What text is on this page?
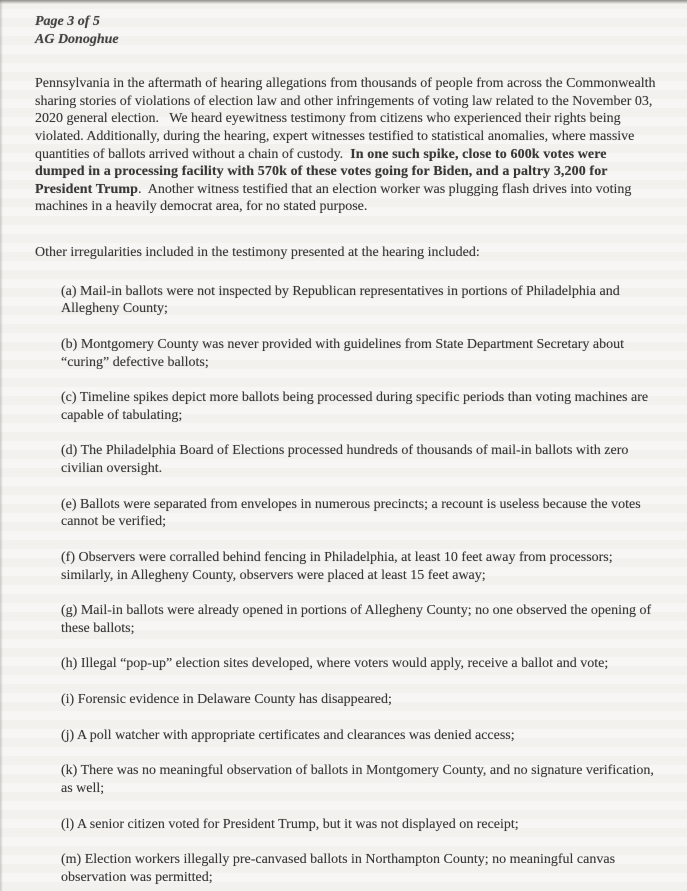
Page 3 of 5
AG Donoghue

Pennsylvania in the aftermath of hearing allegations from thousands of people from across the Commonwealth sharing stories of violations of election law and other infringements of voting law related to the November 03, 2020 general election.   We heard eyewitness testimony from citizens who experienced their rights being violated. Additionally, during the hearing, expert witnesses testified to statistical anomalies, where massive quantities of ballots arrived without a chain of custody.  In one such spike, close to 600k votes were dumped in a processing facility with 570k of these votes going for Biden, and a paltry 3,200 for President Trump.  Another witness testified that an election worker was plugging flash drives into voting machines in a heavily democrat area, for no stated purpose.

Other irregularities included in the testimony presented at the hearing included:

(a) Mail-in ballots were not inspected by Republican representatives in portions of Philadelphia and Allegheny County;
(b) Montgomery County was never provided with guidelines from State Department Secretary about “curing” defective ballots;
(c) Timeline spikes depict more ballots being processed during specific periods than voting machines are capable of tabulating;
(d) The Philadelphia Board of Elections processed hundreds of thousands of mail-in ballots with zero civilian oversight.
(e) Ballots were separated from envelopes in numerous precincts; a recount is useless because the votes cannot be verified;
(f) Observers were corralled behind fencing in Philadelphia, at least 10 feet away from processors; similarly, in Allegheny County, observers were placed at least 15 feet away;
(g) Mail-in ballots were already opened in portions of Allegheny County; no one observed the opening of these ballots;
(h) Illegal “pop-up” election sites developed, where voters would apply, receive a ballot and vote;
(i) Forensic evidence in Delaware County has disappeared;
(j) A poll watcher with appropriate certificates and clearances was denied access;
(k) There was no meaningful observation of ballots in Montgomery County, and no signature verification, as well;
(l) A senior citizen voted for President Trump, but it was not displayed on receipt;
(m) Election workers illegally pre-canvased ballots in Northampton County; no meaningful canvas observation was permitted;
